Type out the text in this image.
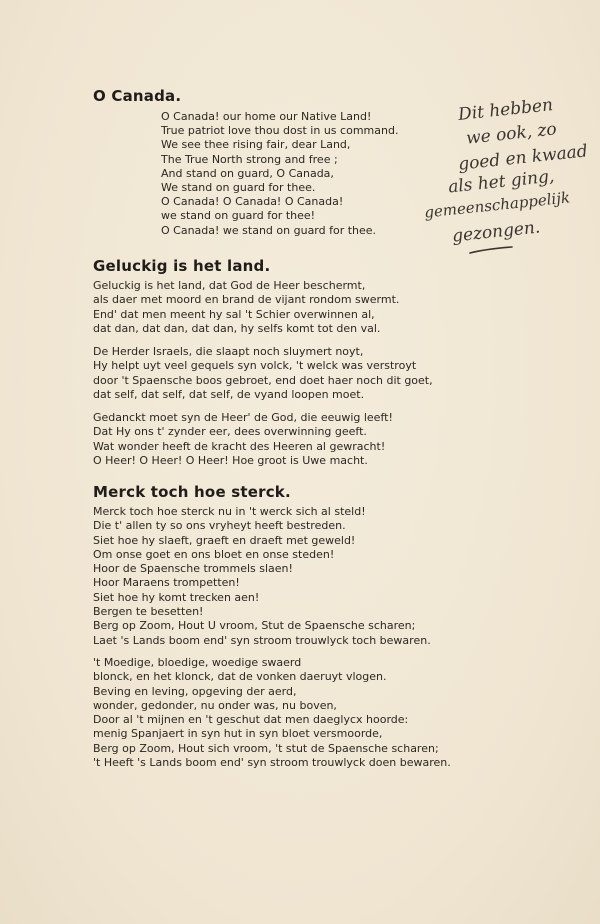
O Canada.
O Canada! our home our Native Land!
True patriot love thou dost in us command.
We see thee rising fair, dear Land,
The True North strong and free ;
And stand on guard, O Canada,
We stand on guard for thee.
O Canada! O Canada! O Canada!
we stand on guard for thee!
O Canada! we stand on guard for thee.
Dit hebben
we ook, zo
goed en kwaad
als het ging,
gemeenschappelijk
gezongen.
Geluckig is het land.
Geluckig is het land, dat God de Heer beschermt,
als daer met moord en brand de vijant rondom swermt.
End' dat men meent hy sal 't Schier overwinnen al,
dat dan, dat dan, dat dan, hy selfs komt tot den val.
De Herder Israels, die slaapt noch sluymert noyt,
Hy helpt uyt veel gequels syn volck, 't welck was verstroyt
door 't Spaensche boos gebroet, end doet haer noch dit goet,
dat self, dat self, dat self, de vyand loopen moet.
Gedanckt moet syn de Heer' de God, die eeuwig leeft!
Dat Hy ons t' zynder eer, dees overwinning geeft.
Wat wonder heeft de kracht des Heeren al gewracht!
O Heer! O Heer! O Heer! Hoe groot is Uwe macht.
Merck toch hoe sterck.
Merck toch hoe sterck nu in 't werck sich al steld!
Die t' allen ty so ons vryheyt heeft bestreden.
Siet hoe hy slaeft, graeft en draeft met geweld!
Om onse goet en ons bloet en onse steden!
Hoor de Spaensche trommels slaen!
Hoor Maraens trompetten!
Siet hoe hy komt trecken aen!
Bergen te besetten!
Berg op Zoom, Hout U vroom, Stut de Spaensche scharen;
Laet 's Lands boom end' syn stroom trouwlyck toch bewaren.
't Moedige, bloedige, woedige swaerd
blonck, en het klonck, dat de vonken daeruyt vlogen.
Beving en leving, opgeving der aerd,
wonder, gedonder, nu onder was, nu boven,
Door al 't mijnen en 't geschut dat men daeglycx hoorde:
menig Spanjaert in syn hut in syn bloet versmoorde,
Berg op Zoom, Hout sich vroom, 't stut de Spaensche scharen;
't Heeft 's Lands boom end' syn stroom trouwlyck doen bewaren.
